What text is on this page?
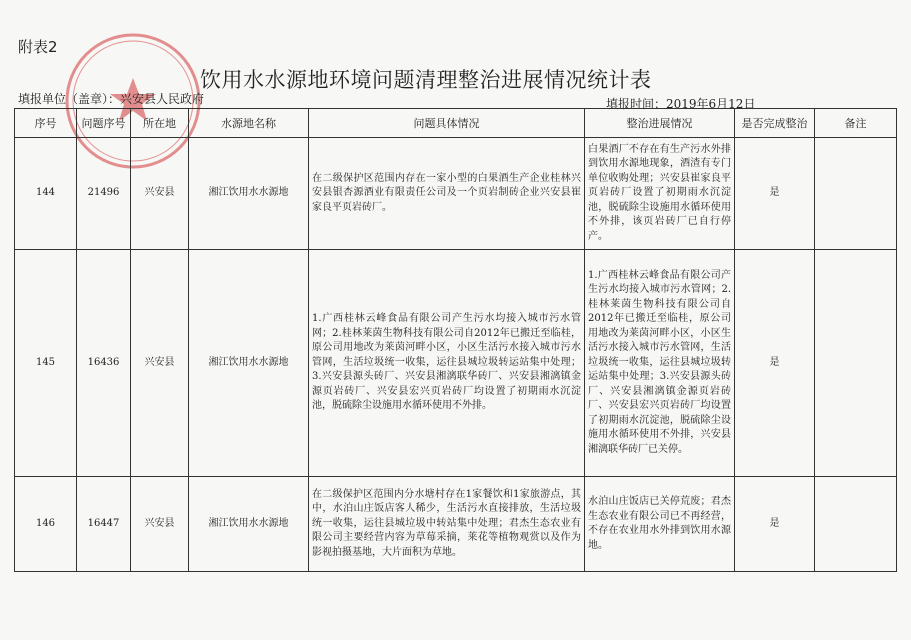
附表2
饮用水水源地环境问题清理整治进展情况统计表
填报单位（盖章）：兴安县人民政府	填报时间：2019年6月12日
序号	问题序号	所在地	水源地名称	问题具体情况	整治进展情况	是否完成整治	备注
144	21496	兴安县	湘江饮用水水源地	在二级保护区范围内存在一家小型的白果酒生产企业桂林兴安县银杏源酒业有限责任公司及一个页岩制砖企业兴安县崔家良平页岩砖厂。	白果酒厂不存在有生产污水外排到饮用水源地现象，酒渣有专门单位收购处理；兴安县崔家良平页岩砖厂设置了初期雨水沉淀池，脱硫除尘设施用水循环使用不外排，该页岩砖厂已自行停产。	是	
145	16436	兴安县	湘江饮用水水源地	1.广西桂林云峰食品有限公司产生污水均接入城市污水管网；2.桂林莱茵生物科技有限公司自2012年已搬迁至临桂，原公司用地改为莱茵河畔小区，小区生活污水接入城市污水管网，生活垃圾统一收集，运往县城垃圾转运站集中处理；3.兴安县源头砖厂、兴安县湘漓联华砖厂、兴安县湘漓镇金源页岩砖厂、兴安县宏兴页岩砖厂均设置了初期雨水沉淀池，脱硫除尘设施用水循环使用不外排。	1.广西桂林云峰食品有限公司产生污水均接入城市污水管网；2.桂林莱茵生物科技有限公司自2012年已搬迁至临桂，原公司用地改为莱茵河畔小区，小区生活污水接入城市污水管网，生活垃圾统一收集，运往县城垃圾转运站集中处理；3.兴安县源头砖厂、兴安县湘漓镇金源页岩砖厂、兴安县宏兴页岩砖厂均设置了初期雨水沉淀池，脱硫除尘设施用水循环使用不外排，兴安县湘漓联华砖厂已关停。	是	
146	16447	兴安县	湘江饮用水水源地	在二级保护区范围内分水塘村存在1家餐饮和1家旅游点，其中，水泊山庄饭店客人稀少，生活污水直接排放，生活垃圾统一收集，运往县城垃圾中转站集中处理；君杰生态农业有限公司主要经营内容为草莓采摘，莱花等植物观赏以及作为影视拍摄基地，大片面积为草地。	水泊山庄饭店已关停荒废；君杰生态农业有限公司已不再经营，不存在农业用水外排到饮用水源地。	是	
